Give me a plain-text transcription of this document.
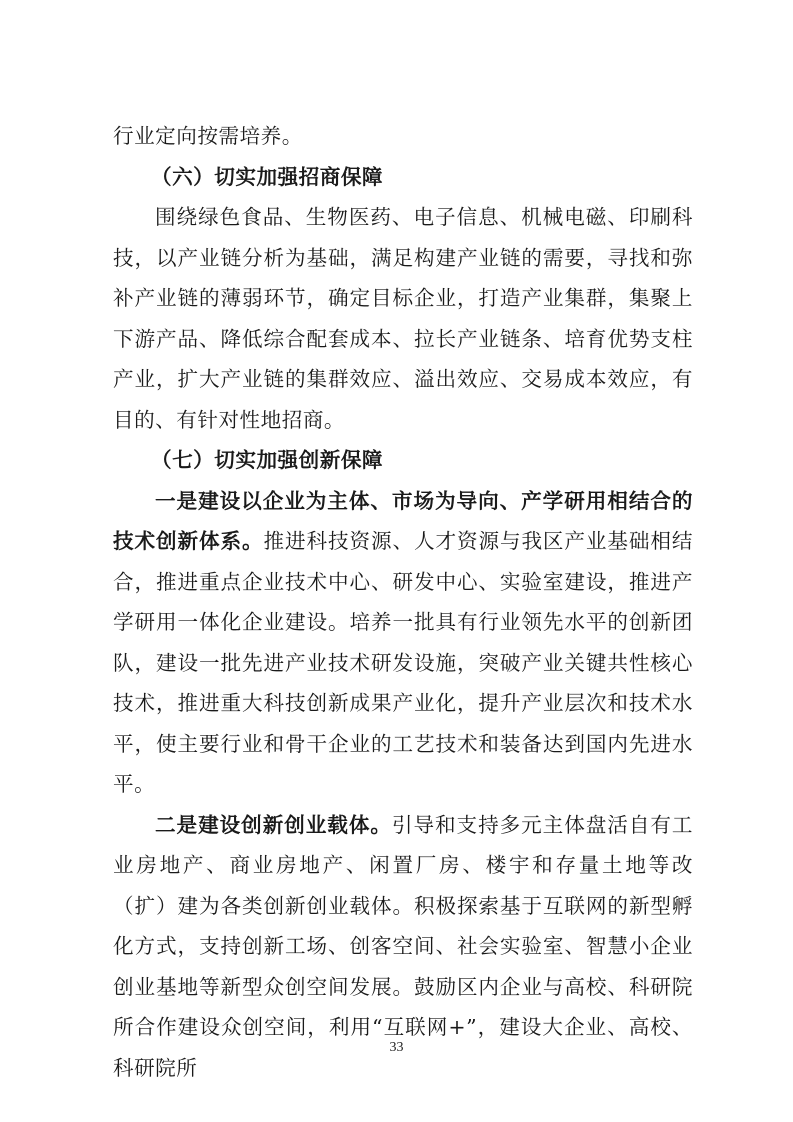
行业定向按需培养。

（六）切实加强招商保障

围绕绿色食品、生物医药、电子信息、机械电磁、印刷科技，以产业链分析为基础，满足构建产业链的需要，寻找和弥补产业链的薄弱环节，确定目标企业，打造产业集群，集聚上下游产品、降低综合配套成本、拉长产业链条、培育优势支柱产业，扩大产业链的集群效应、溢出效应、交易成本效应，有目的、有针对性地招商。

（七）切实加强创新保障

一是建设以企业为主体、市场为导向、产学研用相结合的技术创新体系。推进科技资源、人才资源与我区产业基础相结合，推进重点企业技术中心、研发中心、实验室建设，推进产学研用一体化企业建设。培养一批具有行业领先水平的创新团队，建设一批先进产业技术研发设施，突破产业关键共性核心技术，推进重大科技创新成果产业化，提升产业层次和技术水平，使主要行业和骨干企业的工艺技术和装备达到国内先进水平。

二是建设创新创业载体。引导和支持多元主体盘活自有工业房地产、商业房地产、闲置厂房、楼宇和存量土地等改（扩）建为各类创新创业载体。积极探索基于互联网的新型孵化方式，支持创新工场、创客空间、社会实验室、智慧小企业创业基地等新型众创空间发展。鼓励区内企业与高校、科研院所合作建设众创空间，利用“互联网+”，建设大企业、高校、科研院所

33
